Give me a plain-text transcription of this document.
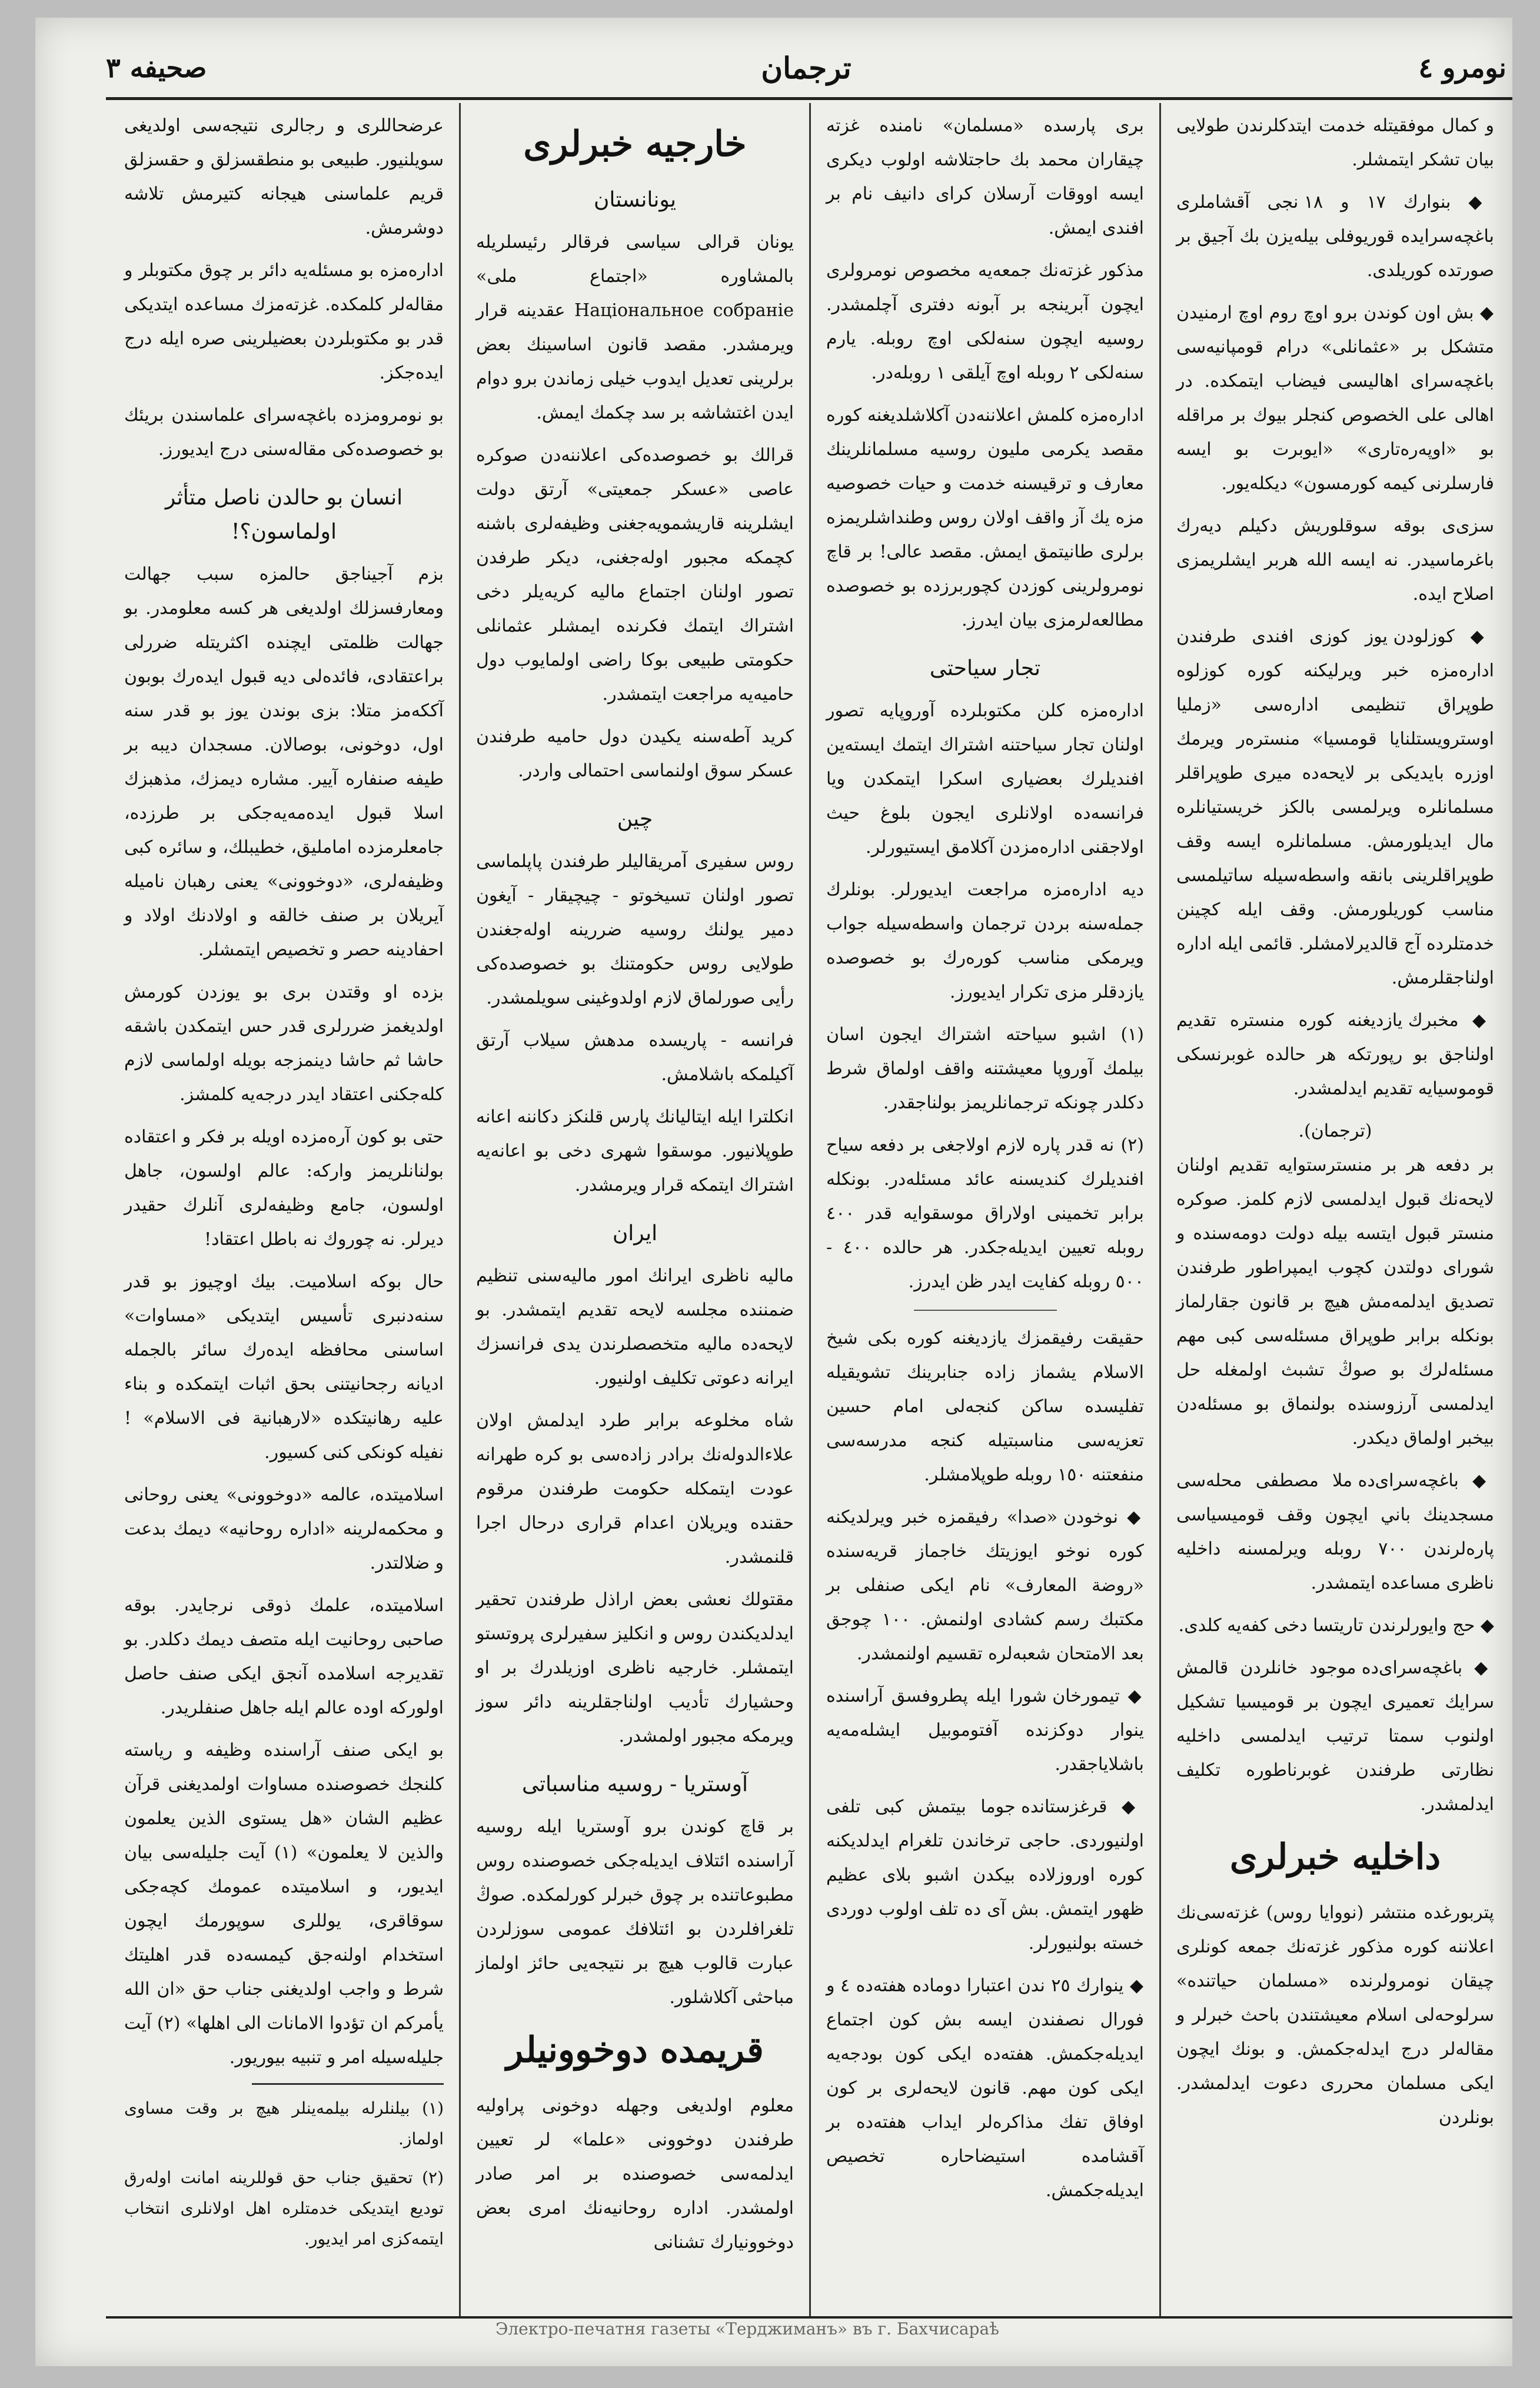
نومرو ٤
ترجمان
صحيفه ٣

و كمال موفقيتله خدمت ايتدكلرندن طولايى بيان تشكر ايتمشلر.

◆ بنوارك ١٧ و ١٨ نجى آقشاملرى باغچه‌سرايده قوريوفلى بيلەيزن بك آجيق بر صورتده كوريلدى.

◆ بش اون كوندن برو اوچ روم اوچ ارمنيدن متشكل بر «عثمانلى» درام قومپانيەسى باغچه‌سراى اهاليسى فيضاب ايتمكده. در اهالى على الخصوص كنجلر بيوك بر مراقله بو «اوپەرەتارى» «ايوبرت بو ايسه فارسلرنى كيمه كورمسون» ديكله‌يور.

سزى‌ى بوقه سوقلوريش دكيلم ديەرك باغرماسيدر. نه ايسه الله هربر ايشلريمزى اصلاح ايده.

◆ كوزلودن يوز كوزى افندى طرفندن ادارەمزه خبر ويرليكنه كوره كوزلوه طوپراق تنظيمى ادارەسى «زمليا اوسترويستلنايا قومسيا» منسترەر ويرمك اوزره بايديكى بر لايحەده ميرى طوپراقلر مسلمانلره ويرلمسى بالكز خريستيانلره مال ايديلورمش. مسلمانلره ايسه وقف طوپراقلرينى بانقه واسطەسيله ساتيلمسى مناسب كوريلورمش. وقف ايله كچينن خدمتلرده آج قالديرلامشلر. قائمى ايله اداره اولناجقلرمش.

◆ مخبرك يازديغنه كوره منستره تقديم اولناجق بو رپورتكه هر حالده غوبرنسكى قوموسيايه تقديم ايدلمشدر.

(ترجمان).

بر دفعه هر بر منسترستوايه تقديم اولنان لايحه‌نك قبول ايدلمسى لازم كلمز. صوكره منستر قبول ايتسه بيله دولت دومەسنده و شوراى دولتدن كچوب ايمپراطور طرفندن تصديق ايدلمه‌مش هيچ بر قانون جقارلماز بونكله برابر طوپراق مسئله‌سى كبى مهم مسئلەلرك بو صوڭ تشبث اولمغله حل ايدلمسى آرزوسنده بولنماق بو مسئلەدن بيخبر اولماق ديكدر.

◆ باغچه‌سراى‌ده ملا مصطفى محله‌سى مسجدينك باني ايچون وقف قوميسياسى پارەلرندن ٧٠٠ روبله ويرلمسنه داخليه ناظرى مساعده ايتمشدر.

◆ حج وايورلرندن تاريتسا دخى كفه‌يه كلدى.

◆ باغچه‌سراى‌ده موجود خانلردن قالمش سرايك تعميرى ايچون بر قوميسيا تشكيل اولنوب سمتا ترتيب ايدلمسى داخليه نظارتى طرفندن غوبرناطوره تكليف ايدلمشدر.

داخليه خبرلرى

پتربورغده منتشر (نووايا روس) غزته‌سى‌نك اعلاننه كوره مذكور غزته‌نك جمعه كونلرى چيقان نومرولرنده «مسلمان حياتنده» سرلوحه‌لى اسلام معيشتندن باحث خبرلر و مقالەلر درج ايدلەجكمش. و بونك ايچون ايكى مسلمان محررى دعوت ايدلمشدر. بونلردن

برى پارسده «مسلمان» نامنده غزته چيقاران محمد بك حاجتلاشه اولوب ديكرى ايسه اووقات آرسلان كراى دانيف نام بر افندى ايمش.

مذكور غزته‌نك جمعه‌يه مخصوص نومرولرى ايچون آبرينجه بر آبونه دفترى آچلمشدر. روسيه ايچون سنه‌لكى اوچ روبله. يارم سنه‌لكى ٢ روبله اوچ آيلقى ١ روبله‌در.

ادارەمزه كلمش اعلاننه‌دن آكلاشلديغنه كوره مقصد يكرمى مليون روسيه مسلمانلرينك معارف و ترقيسنه خدمت و حيات خصوصيه مزه‌ يك آز واقف اولان روس وطنداشلريمزه برلرى طانيتمق ايمش. مقصد عالى! بر قاچ نومرولرينى كوزدن كچوربرزده بو خصوصده مطالعەلرمزى بيان ايدرز.

تجار سياحتى

ادارەمزه كلن مكتوبلرده آوروپايه تصور اولنان تجار سياحتنه اشتراك ايتمك ايستەين افنديلرك بعضيارى اسكرا ايتمكدن ويا فرانسەده اولانلرى ايجون بلوغ حيث اولاجقنى ادارەمزدن آكلامق ايستيورلر.

ديه ادارەمزه مراجعت ايديورلر. بونلرك جمله‌سنه بردن ترجمان واسطه‌سيله جواب ويرمكى مناسب كورەرك بو خصوصده يازدقلر مزى تكرار ايديورز.

(١) اشبو سياحته اشتراك ايجون اسان بيلمك آوروپا معيشتنه واقف اولماق شرط دكلدر چونكه ترجمانلريمز بولناجقدر.

(٢) نه قدر پاره لازم اولاجغى بر دفعه سياح افنديلرك كنديسنه عائد مسئله‌در. بونكله برابر تخمينى اولاراق موسقوايه قدر ٤٠٠ روبله تعيين ايديلەجكدر. هر حالده ٤٠٠ - ٥٠٠ روبله كفايت ايدر ظن ايدرز.

حقيقت رفيقمزك يازديغنه كوره بكى شيخ الاسلام يشماز زاده جنابرينك تشويقيله تفليسده ساكن كنجه‌لى امام حسين تعزيه‌سى مناسبتيله كنجه مدرسه‌سى منفعتنه ١٥٠ روبله طوپلامشلر.

◆ نوخودن «صدا» رفيقمزه خبر ويرلديكنه كوره نوخو ايوزيتك خاجماز قريه‌سنده «روضة المعارف» نام ايكى صنفلى بر مكتبك رسم كشادى اولنمش. ١٠٠ چوجق بعد الامتحان شعبه‌لره تقسيم اولنمشدر.

◆ تيمورخان شورا ايله پطروفسق آراسنده ينوار دوكزنده آفتوموبيل ايشلەمه‌يه باشلاياجقدر.

◆ قرغزستانده جوما بيتمش كبى تلفى اولنيوردى. حاجى ترخاندن تلغرام ايدلديكنه كوره اوروزلاده بيكدن اشبو بلاى عظيم ظهور ايتمش. بش آى ده تلف اولوب دوردى خسته بولنيورلر.

◆ ينوارك ٢٥ ندن اعتبارا دومادە هفته‌ده ٤ و فورال نصفندن ايسه بش كون اجتماع ايديلەجكمش. هفته‌ده ايكى كون بودجه‌يه ايكى كون مهم. قانون لايحه‌لرى بر كون اوفاق تفك مذاكره‌لر ايداب هفته‌ده بر آقشامده استيضاحاره تخصيص ايديلەجكمش.

خارجيه خبرلرى
يونانستان

يونان قرالى سياسى فرقالر رئيسلريله بالمشاوره «اجتماع ملى» Національное собраніе عقدينه قرار ويرمشدر. مقصد قانون اساسينك بعض برلرينى تعديل ايدوب خيلى زماندن برو دوام ايدن اغتشاشه بر سد چكمك ايمش.

قرالك بو خصوصده‌كى اعلاننه‌دن صوكره عاصى «عسكر جمعيتى» آرتق دولت ايشلرينه قاريشمويه‌جغنى وظيفه‌لرى باشنه كچمكه مجبور اولەجغنى، ديكر طرفدن تصور اولنان اجتماع ماليه كريەيلر دخى اشتراك ايتمك فكرنده ايمشلر عثمانلى حكومتى طبيعى بوكا راضى اولمايوب دول حاميه‌يه مراجعت ايتمشدر.

كريد آطه‌سنه يكيدن دول حاميه طرفندن عسكر سوق اولنماسى احتمالى واردر.

چين

روس سفيرى آمريقاليلر طرفندن پاپلماسى تصور اولنان تسيخوتو - چيچيقار - آيغون دمير يولنك روسيه ضررينه اولەجغندن طولايى روس حكومتنك بو خصوصده‌كى رأيى صورلماق لازم اولدوغينى سويلمشدر.

فرانسه - پاريسده مدهش سيلاب آرتق آكيلمكه باشلامش.

انكلترا ايله ايتاليانك پارس قلنكز دكاننه اعانه طوپلانيور. موسقوا شهرى دخى بو اعانه‌يه اشتراك ايتمكه قرار ويرمشدر.

ايران

ماليه ناظرى ايرانك امور ماليه‌سنى تنظيم ضمننده مجلسه لايحه تقديم ايتمشدر. بو لايحه‌ده ماليه متخصصلرندن يدى فرانسزك ايرانه دعوتى تكليف اولنيور.

شاه مخلوعه برابر طرد ايدلمش اولان علاءالدوله‌نك برادر زاده‌سى بو كره طهرانه عودت ايتمكله حكومت طرفندن مرقوم حقنده ويريلان اعدام قرارى درحال اجرا قلنمشدر.

مقتولك نعشى بعض اراذل طرفندن تحقير ايدلديكندن روس و انكليز سفيرلرى پروتستو ايتمشلر. خارجيه ناظرى اوزيلدرك بر او وحشيارك تأديب اولناجقلرينه دائر سوز ويرمكه مجبور اولمشدر.

آوستريا - روسيه مناسباتى

بر قاچ كوندن برو آوستريا ايله روسيه آراسنده ائتلاف ايديلەجكى خصوصنده روس مطبوعاتنده بر چوق خبرلر كورلمكده. صوڭ تلغرافلردن بو ائتلافك عمومى سوزلردن عبارت قالوب هيچ بر نتيجه‌يى حائز اولماز مباحثى آكلاشلور.

قريمده دوخوونيلر

معلوم اولديغى وجهله دوخونى پراوليه طرفندن دوخوونى «علما» لر تعيين ايدلمه‌سى خصوصنده بر امر صادر اولمشدر. اداره روحانيه‌نك امرى بعض دوخوونيارك تشنانى

عرضحاللرى و رجالرى نتيجه‌سى اولديغى سويلنيور. طبيعى بو منطقسزلق و حقسزلق قريم علماسنى هيجانه كتيرمش تلاشه دوشرمش.

ادارەمزه بو مسئله‌يه دائر بر چوق مكتوبلر و مقالەلر كلمكده. غزته‌مزك مساعده ايتديكى قدر بو مكتوبلردن بعضيلرينى صره ايله درج ايدەجكز.

بو نومرومزده باغچه‌سراى علماسندن بريئك بو خصوصده‌كى مقاله‌سنى درج ايديورز.

انسان بو حالدن ناصل متأثر اولماسون؟!

بزم آجيناجق حالمزه سبب جهالت ومعارفسزلك اولديغى هر كسه معلومدر. بو جهالت ظلمتى ايچنده اكثريتله ضررلى براعتقادى، فائده‌لى ديه قبول ايدەرك بوبون آككه‌مز متلا: بزى بوندن يوز بو قدر سنه اول، دوخونى، بوصالان. مسجدان ديبه بر طيفه صنفاره آيير. مشاره ديمزك، مذهبزك اسلا قبول ايدەمه‌يەجكى بر طرزده، جامعلرمزده امامليق، خطيبلك، و سائره كبى وظيفه‌لرى، «دوخوونى» يعنى رهبان ناميله آيريلان بر صنف خالقه و اولادنك اولاد و احفادينه حصر و تخصيص ايتمشلر.

بزده او وقتدن برى بو يوزدن كورمش اولديغمز ضررلرى قدر حس ايتمكدن باشقه حاشا ثم حاشا دينمزجه بويله اولماسى لازم كله‌جكنى اعتقاد ايدر درجه‌يه كلمشز.

حتى بو كون آرەمزده اويله بر فكر و اعتقاده بولنانلريمز واركه: عالم اولسون، جاهل اولسون، جامع وظيفه‌لرى آنلرك حقيدر ديرلر. نه چوروك نه باطل اعتقاد!

حال بوكه اسلاميت. بيك اوچيوز بو قدر سنه‌دنبرى تأسيس ايتديكى «مساوات» اساسنى محافظه ايدەرك سائر بالجمله اديانه رجحانيتنى بحق اثبات ايتمكده و بناء عليه رهانيتكده «لارهبانية فى الاسلام» ! نفيله كونكى كنى كسيور.

اسلاميتده، عالمه «دوخوونى» يعنى روحانى و محكمه‌لرينه «اداره روحانيه» ديمك بدعت و ضلالتدر.

اسلاميتده، علمك ذوقى نرجايدر. بوقه صاحبى روحانيت ايله متصف ديمك دكلدر. بو تقديرجه اسلامده آنجق ايكى صنف حاصل اولوركه اوده عالم ايله جاهل صنفلريدر.

بو ايكى صنف آراسنده وظيفه و رياسته كلنجك خصوصنده مساوات اولمديغنى قرآن عظيم الشان «هل يستوى الذين يعلمون والذين لا يعلمون» (١) آيت جليله‌سى بيان ايديور، و اسلاميتده عمومك كچه‌جكى سوقاقرى، يوللرى سوپورمك ايچون استخدام اولنه‌جق كيمسه‌ده قدر اهليتك شرط و واجب اولديغنى جناب حق «ان الله يأمركم ان تؤدوا الامانات الى اهلها» (٢) آيت جليله‌سيله امر و تنبيه بيوريور.

(١) بيلنلرله بيلمه‌ينلر هيچ بر وقت مساوى اولماز.

(٢) تحقيق جناب حق قوللرينه امانت اولەرق توديع ايتديكى خدمتلره اهل اولانلرى انتخاب ايتمه‌كزى امر ايديور.

Электро-печатня газеты «Терджиманъ» въ г. Бахчисараѣ
